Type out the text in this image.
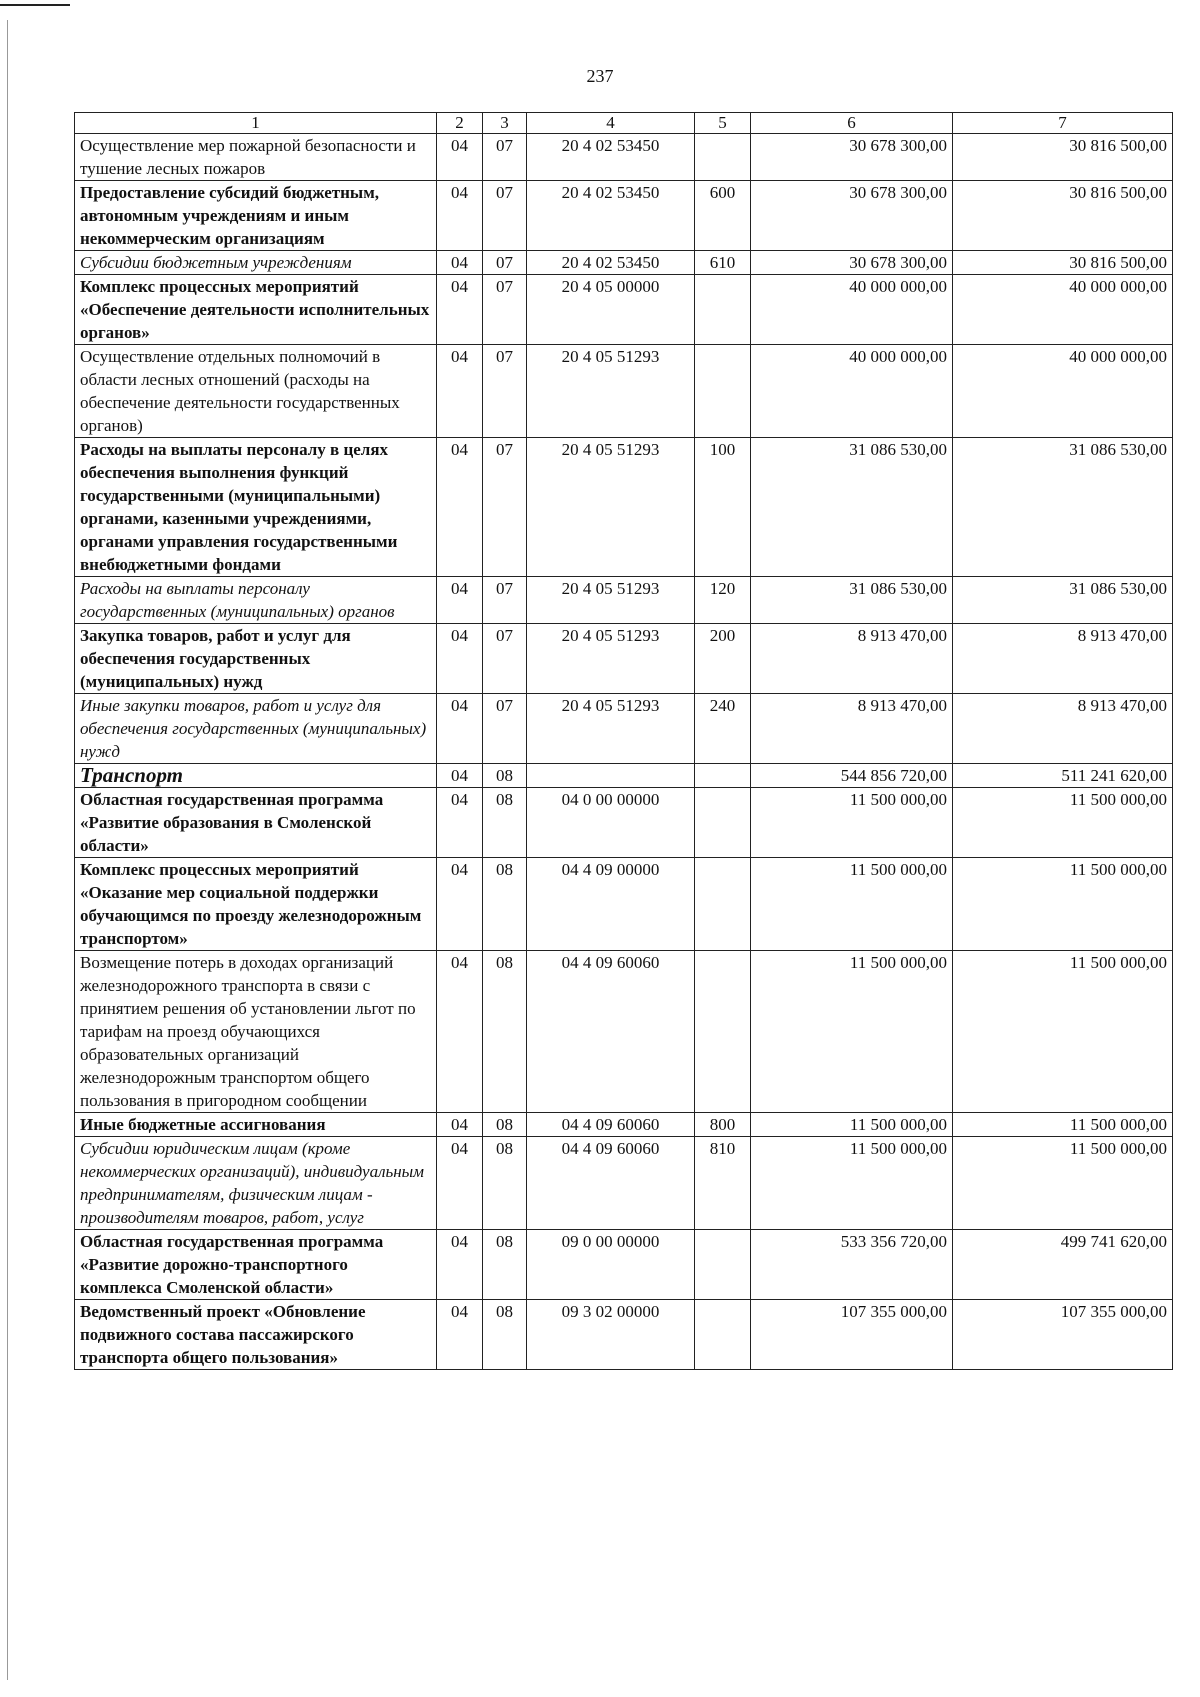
237
1	2	3	4	5	6	7
Осуществление мер пожарной безопасности и тушение лесных пожаров	04	07	20 4 02 53450		30 678 300,00	30 816 500,00
Предоставление субсидий бюджетным, автономным учреждениям и иным некоммерческим организациям	04	07	20 4 02 53450	600	30 678 300,00	30 816 500,00
Субсидии бюджетным учреждениям	04	07	20 4 02 53450	610	30 678 300,00	30 816 500,00
Комплекс процессных мероприятий «Обеспечение деятельности исполнительных органов»	04	07	20 4 05 00000		40 000 000,00	40 000 000,00
Осуществление отдельных полномочий в области лесных отношений (расходы на обеспечение деятельности государственных органов)	04	07	20 4 05 51293		40 000 000,00	40 000 000,00
Расходы на выплаты персоналу в целях обеспечения выполнения функций государственными (муниципальными) органами, казенными учреждениями, органами управления государственными внебюджетными фондами	04	07	20 4 05 51293	100	31 086 530,00	31 086 530,00
Расходы на выплаты персоналу государственных (муниципальных) органов	04	07	20 4 05 51293	120	31 086 530,00	31 086 530,00
Закупка товаров, работ и услуг для обеспечения государственных (муниципальных) нужд	04	07	20 4 05 51293	200	8 913 470,00	8 913 470,00
Иные закупки товаров, работ и услуг для обеспечения государственных (муниципальных) нужд	04	07	20 4 05 51293	240	8 913 470,00	8 913 470,00
Транспорт	04	08			544 856 720,00	511 241 620,00
Областная государственная программа «Развитие образования в Смоленской области»	04	08	04 0 00 00000		11 500 000,00	11 500 000,00
Комплекс процессных мероприятий «Оказание мер социальной поддержки обучающимся по проезду железнодорожным транспортом»	04	08	04 4 09 00000		11 500 000,00	11 500 000,00
Возмещение потерь в доходах организаций железнодорожного транспорта в связи с принятием решения об установлении льгот по тарифам на проезд обучающихся образовательных организаций железнодорожным транспортом общего пользования в пригородном сообщении	04	08	04 4 09 60060		11 500 000,00	11 500 000,00
Иные бюджетные ассигнования	04	08	04 4 09 60060	800	11 500 000,00	11 500 000,00
Субсидии юридическим лицам (кроме некоммерческих организаций), индивидуальным предпринимателям, физическим лицам - производителям товаров, работ, услуг	04	08	04 4 09 60060	810	11 500 000,00	11 500 000,00
Областная государственная программа «Развитие дорожно-транспортного комплекса Смоленской области»	04	08	09 0 00 00000		533 356 720,00	499 741 620,00
Ведомственный проект «Обновление подвижного состава пассажирского транспорта общего пользования»	04	08	09 3 02 00000		107 355 000,00	107 355 000,00
